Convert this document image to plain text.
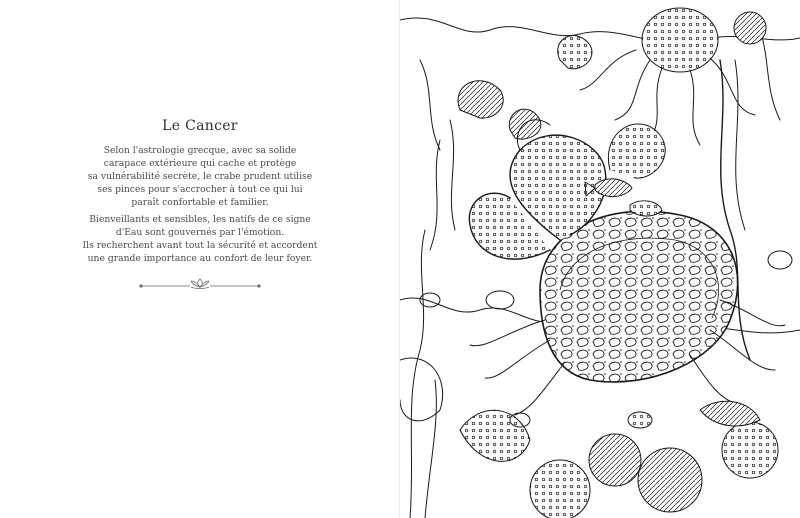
Le Cancer

Selon l'astrologie grecque, avec sa solide
carapace extérieure qui cache et protège
sa vulnérabilité secrète, le crabe prudent utilise
ses pinces pour s'accrocher à tout ce qui lui
paraît confortable et familier.

Bienveillants et sensibles, les natifs de ce signe
d'Eau sont gouvernés par l'émotion.
Ils recherchent avant tout la sécurité et accordent
une grande importance au confort de leur foyer.
